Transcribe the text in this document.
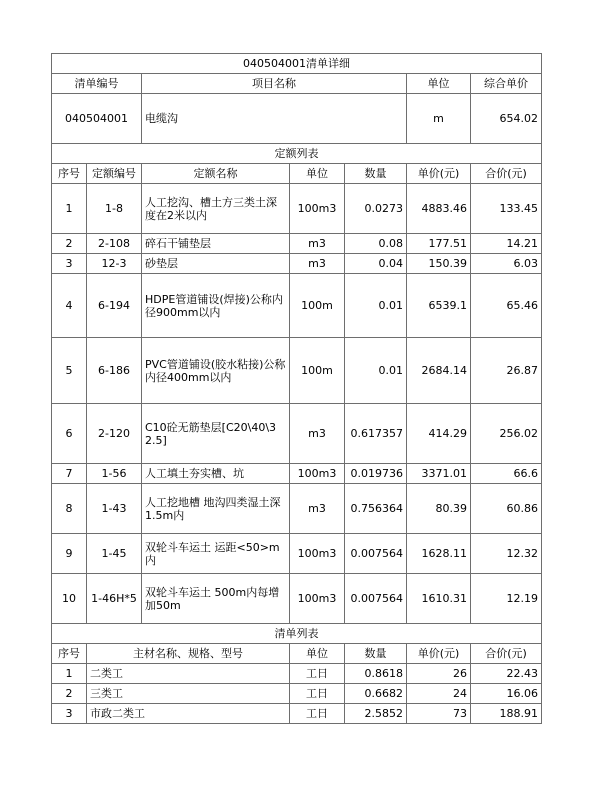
040504001清单详细						
清单编号		项目名称			单位	综合单价
040504001		电缆沟			m	654.02
定额列表						
序号	定额编号	定额名称	单位	数量	单价(元)	合价(元)
1	1-8	人工挖沟、槽土方三类土深度在2米以内	100m3	0.0273	4883.46	133.45
2	2-108	碎石干铺垫层	m3	0.08	177.51	14.21
3	12-3	砂垫层	m3	0.04	150.39	6.03
4	6-194	HDPE管道铺设(焊接)公称内径900mm以内	100m	0.01	6539.1	65.46
5	6-186	PVC管道铺设(胶水粘接)公称内径400mm以内	100m	0.01	2684.14	26.87
6	2-120	C10砼无筋垫层[C20\40\32.5]	m3	0.617357	414.29	256.02
7	1-56	人工填土夯实槽、坑	100m3	0.019736	3371.01	66.6
8	1-43	人工挖地槽 地沟四类湿土深1.5m内	m3	0.756364	80.39	60.86
9	1-45	双轮斗车运土 运距<50>m内	100m3	0.007564	1628.11	12.32
10	1-46H*5	双轮斗车运土 500m内每增加50m	100m3	0.007564	1610.31	12.19
清单列表						
序号	主材名称、规格、型号		单位	数量	单价(元)	合价(元)
1	二类工		工日	0.8618	26	22.43
2	三类工		工日	0.6682	24	16.06
3	市政二类工		工日	2.5852	73	188.91
